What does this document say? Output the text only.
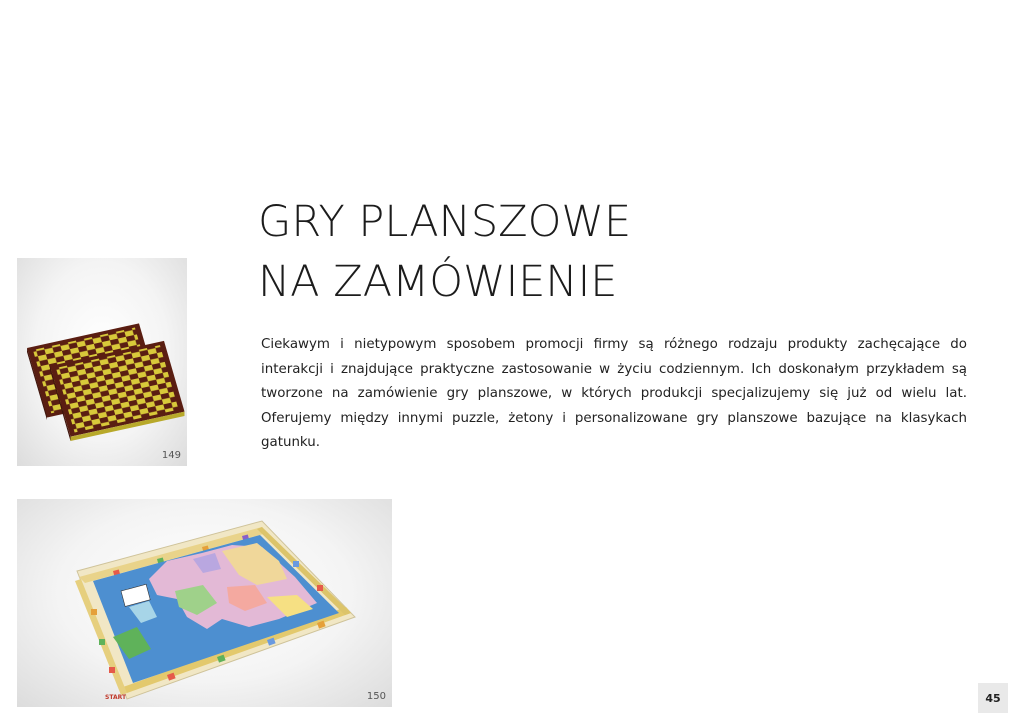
GRY PLANSZOWE
NA ZAMÓWIENIE

Ciekawym i nietypowym sposobem promocji firmy są różnego rodzaju produkty zachęcające do interakcji i znajdujące praktyczne zastosowanie w życiu codziennym. Ich doskonałym przykładem są tworzone na zamówienie gry planszowe, w których produkcji specjalizujemy się już od wielu lat. Oferujemy między innymi puzzle, żetony i personalizowane gry planszowe bazujące na klasykach gatunku.

149
START	150	45
